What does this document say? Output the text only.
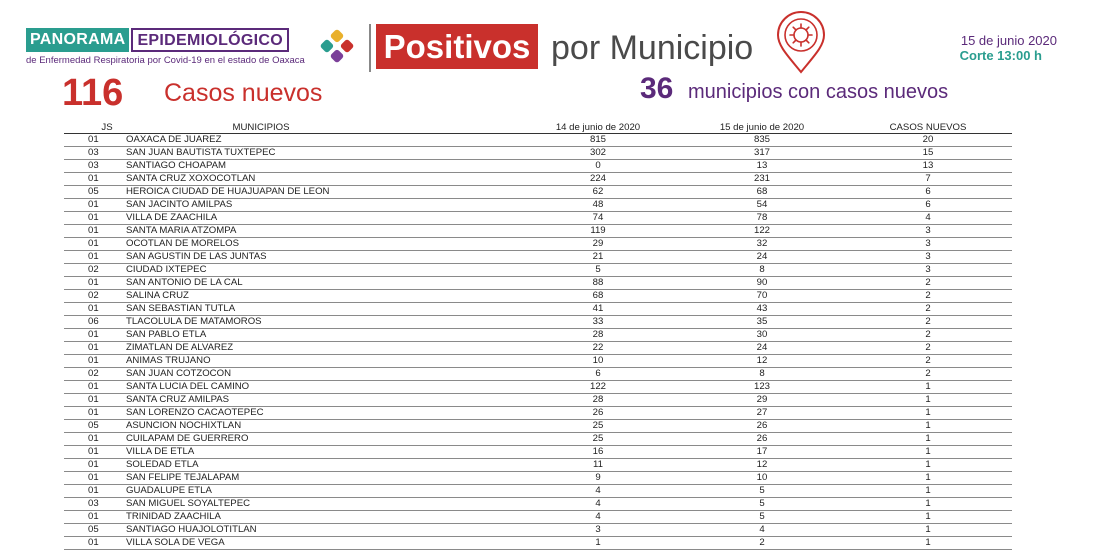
PANORAMA EPIDEMIOLÓGICO
de Enfermedad Respiratoria por Covid-19 en el estado de Oaxaca Positivos por Municipio	15 de junio 2020
Corte 13:00 h
116 Casos nuevos	36 municipios con casos nuevos
JS	MUNICIPIOS	14 de junio de 2020	15 de junio de 2020	CASOS NUEVOS
01	OAXACA DE JUAREZ	815	835	20
03	SAN JUAN BAUTISTA TUXTEPEC	302	317	15
03	SANTIAGO CHOAPAM	0	13	13
01	SANTA CRUZ XOXOCOTLAN	224	231	7
05	HEROICA CIUDAD DE HUAJUAPAN DE LEON	62	68	6
01	SAN JACINTO AMILPAS	48	54	6
01	VILLA DE ZAACHILA	74	78	4
01	SANTA MARIA ATZOMPA	119	122	3
01	OCOTLAN DE MORELOS	29	32	3
01	SAN AGUSTIN DE LAS JUNTAS	21	24	3
02	CIUDAD IXTEPEC	5	8	3
01	SAN ANTONIO DE LA CAL	88	90	2
02	SALINA CRUZ	68	70	2
01	SAN SEBASTIAN TUTLA	41	43	2
06	TLACOLULA DE MATAMOROS	33	35	2
01	SAN PABLO ETLA	28	30	2
01	ZIMATLAN DE ALVAREZ	22	24	2
01	ANIMAS TRUJANO	10	12	2
02	SAN JUAN COTZOCON	6	8	2
01	SANTA LUCIA DEL CAMINO	122	123	1
01	SANTA CRUZ AMILPAS	28	29	1
01	SAN LORENZO CACAOTEPEC	26	27	1
05	ASUNCION NOCHIXTLAN	25	26	1
01	CUILAPAM DE GUERRERO	25	26	1
01	VILLA DE ETLA	16	17	1
01	SOLEDAD ETLA	11	12	1
01	SAN FELIPE TEJALAPAM	9	10	1
01	GUADALUPE ETLA	4	5	1
03	SAN MIGUEL SOYALTEPEC	4	5	1
01	TRINIDAD ZAACHILA	4	5	1
05	SANTIAGO HUAJOLOTITLAN	3	4	1
01	VILLA SOLA DE VEGA	1	2	1
